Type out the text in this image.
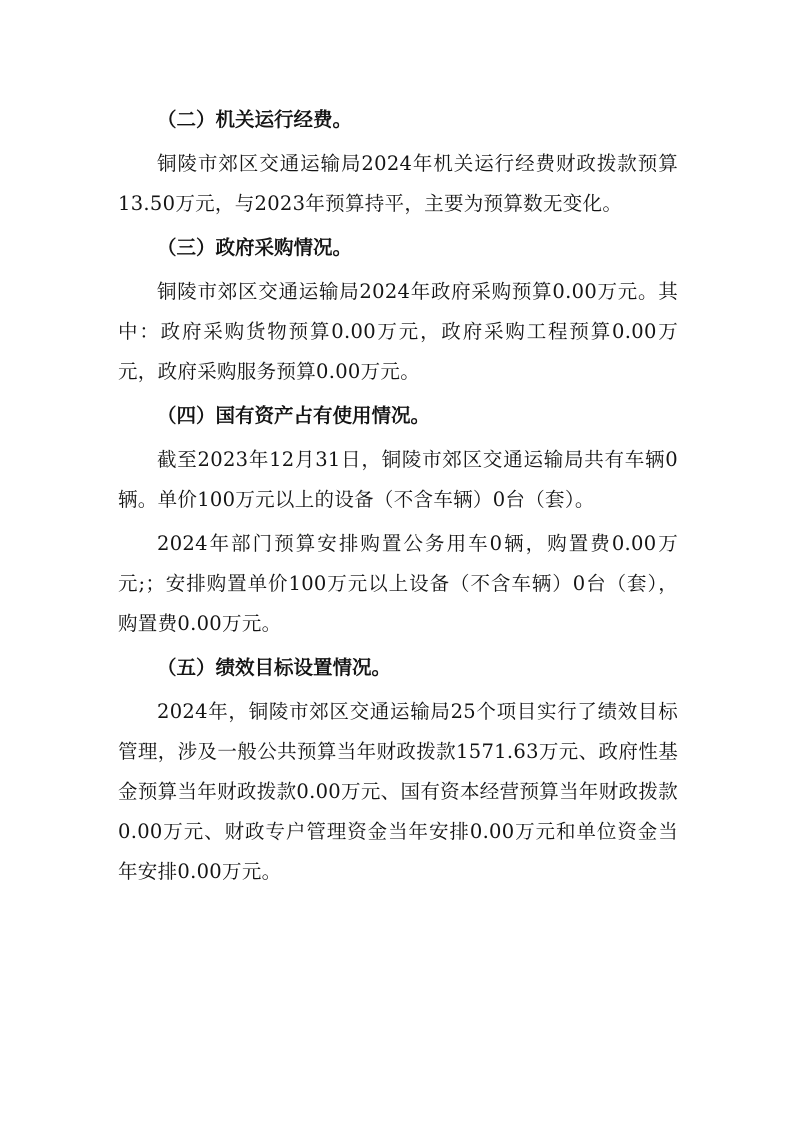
（二）机关运行经费。

铜陵市郊区交通运输局2024年机关运行经费财政拨款预算13.50万元，与2023年预算持平，主要为预算数无变化。

（三）政府采购情况。

铜陵市郊区交通运输局2024年政府采购预算0.00万元。其中：政府采购货物预算0.00万元，政府采购工程预算0.00万元，政府采购服务预算0.00万元。

（四）国有资产占有使用情况。

截至2023年12月31日，铜陵市郊区交通运输局共有车辆0辆。单价100万元以上的设备（不含车辆）0台（套）。

2024年部门预算安排购置公务用车0辆，购置费0.00万元;；安排购置单价100万元以上设备（不含车辆）0台（套），购置费0.00万元。

（五）绩效目标设置情况。

2024年，铜陵市郊区交通运输局25个项目实行了绩效目标管理，涉及一般公共预算当年财政拨款1571.63万元、政府性基金预算当年财政拨款0.00万元、国有资本经营预算当年财政拨款0.00万元、财政专户管理资金当年安排0.00万元和单位资金当年安排0.00万元。
